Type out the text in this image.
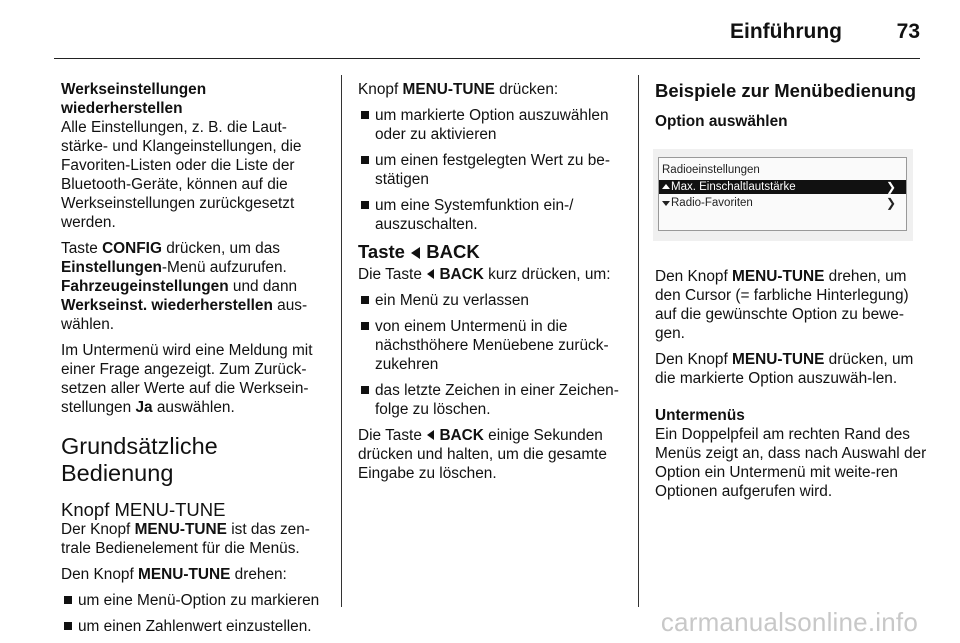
Einführung	73
Werkseinstellungen wiederherstellen

Alle Einstellungen, z. B. die Laut-stärke- und Klangeinstellungen, die Favoriten-Listen oder die Liste der Bluetooth-Geräte, können auf die Werkseinstellungen zurückgesetzt werden.

Taste CONFIG drücken, um das Einstellungen-Menü aufzurufen. Fahrzeugeinstellungen und dann Werkseinst. wiederherstellen aus-wählen.

Im Untermenü wird eine Meldung mit einer Frage angezeigt. Zum Zurück-setzen aller Werte auf die Werksein-stellungen Ja auswählen.

Grundsätzliche Bedienung
Knopf MENU-TUNE

Der Knopf MENU-TUNE ist das zen-trale Bedienelement für die Menüs.

Den Knopf MENU-TUNE drehen:

um eine Menü-Option zu markieren
um einen Zahlenwert einzustellen.

Knopf MENU-TUNE drücken:

um markierte Option auszuwählen oder zu aktivieren
um einen festgelegten Wert zu be-stätigen
um eine Systemfunktion ein-/ auszuschalten.
Taste  BACK

Die Taste  BACK kurz drücken, um:

ein Menü zu verlassen
von einem Untermenü in die nächsthöhere Menüebene zurück-zukehren
das letzte Zeichen in einer Zeichen-folge zu löschen.

Die Taste  BACK einige Sekunden drücken und halten, um die gesamte Eingabe zu löschen.

Beispiele zur Menübedienung
Option auswählen
Radioeinstellungen
Max. Einschaltlautstärke	❯
Radio-Favoriten	❯

Den Knopf MENU-TUNE drehen, um den Cursor (= farbliche Hinterlegung) auf die gewünschte Option zu bewe-gen.

Den Knopf MENU-TUNE drücken, um die markierte Option auszuwäh-len.

Untermenüs

Ein Doppelpfeil am rechten Rand des Menüs zeigt an, dass nach Auswahl der Option ein Untermenü mit weite-ren Optionen aufgerufen wird.

carmanualsonline.info
